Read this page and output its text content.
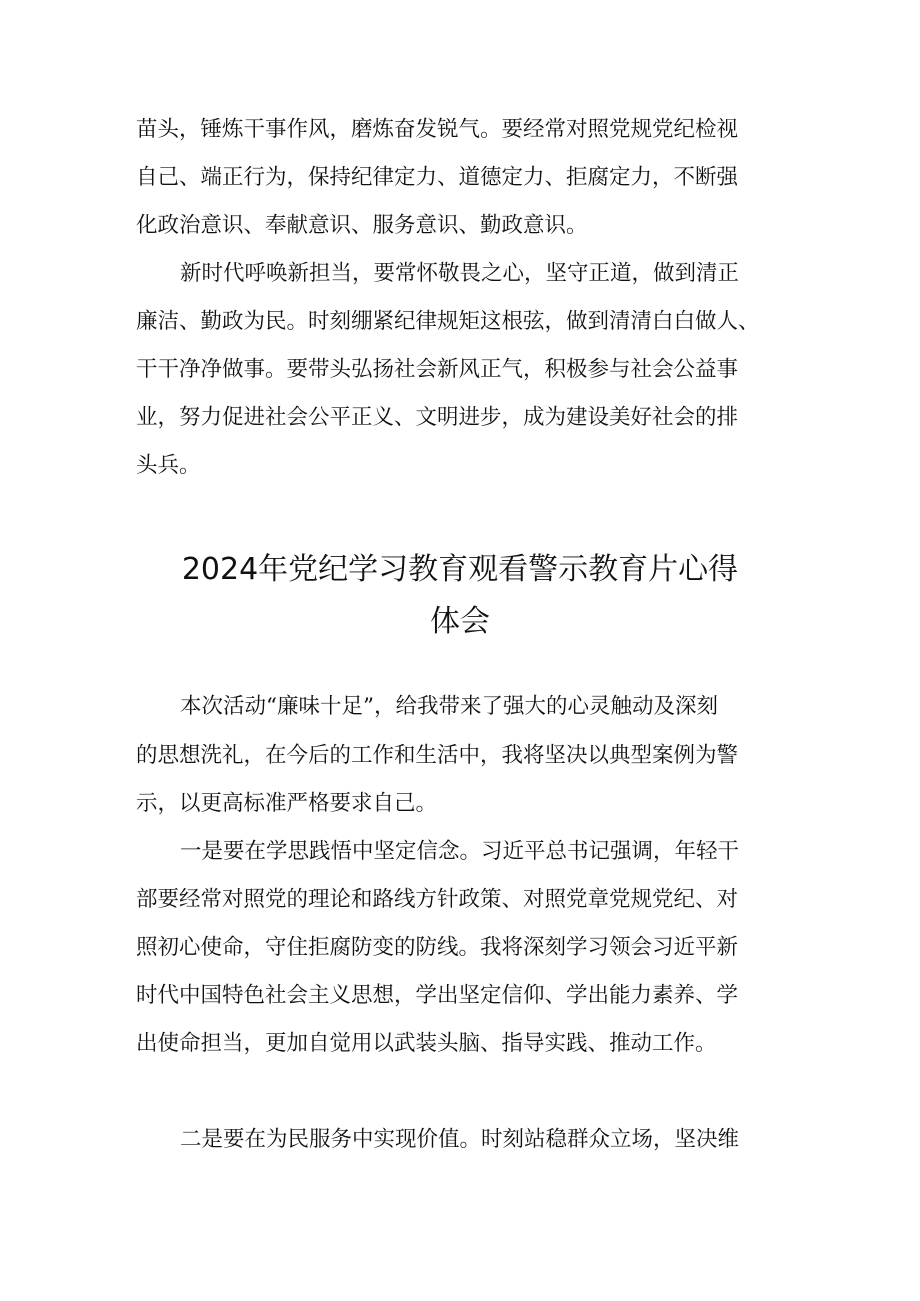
苗头，锤炼干事作风，磨炼奋发锐气。要经常对照党规党纪检视
自己、端正行为，保持纪律定力、道德定力、拒腐定力，不断强
化政治意识、奉献意识、服务意识、勤政意识。
新时代呼唤新担当，要常怀敬畏之心，坚守正道，做到清正
廉洁、勤政为民。时刻绷紧纪律规矩这根弦，做到清清白白做人、
干干净净做事。要带头弘扬社会新风正气，积极参与社会公益事
业，努力促进社会公平正义、文明进步，成为建设美好社会的排
头兵。
2024年党纪学习教育观看警示教育片心得
体会
本次活动“廉味十足”，给我带来了强大的心灵触动及深刻
的思想洗礼，在今后的工作和生活中，我将坚决以典型案例为警
示，以更高标准严格要求自己。
一是要在学思践悟中坚定信念。习近平总书记强调，年轻干
部要经常对照党的理论和路线方针政策、对照党章党规党纪、对
照初心使命，守住拒腐防变的防线。我将深刻学习领会习近平新
时代中国特色社会主义思想，学出坚定信仰、学出能力素养、学
出使命担当，更加自觉用以武装头脑、指导实践、推动工作。
二是要在为民服务中实现价值。时刻站稳群众立场，坚决维
